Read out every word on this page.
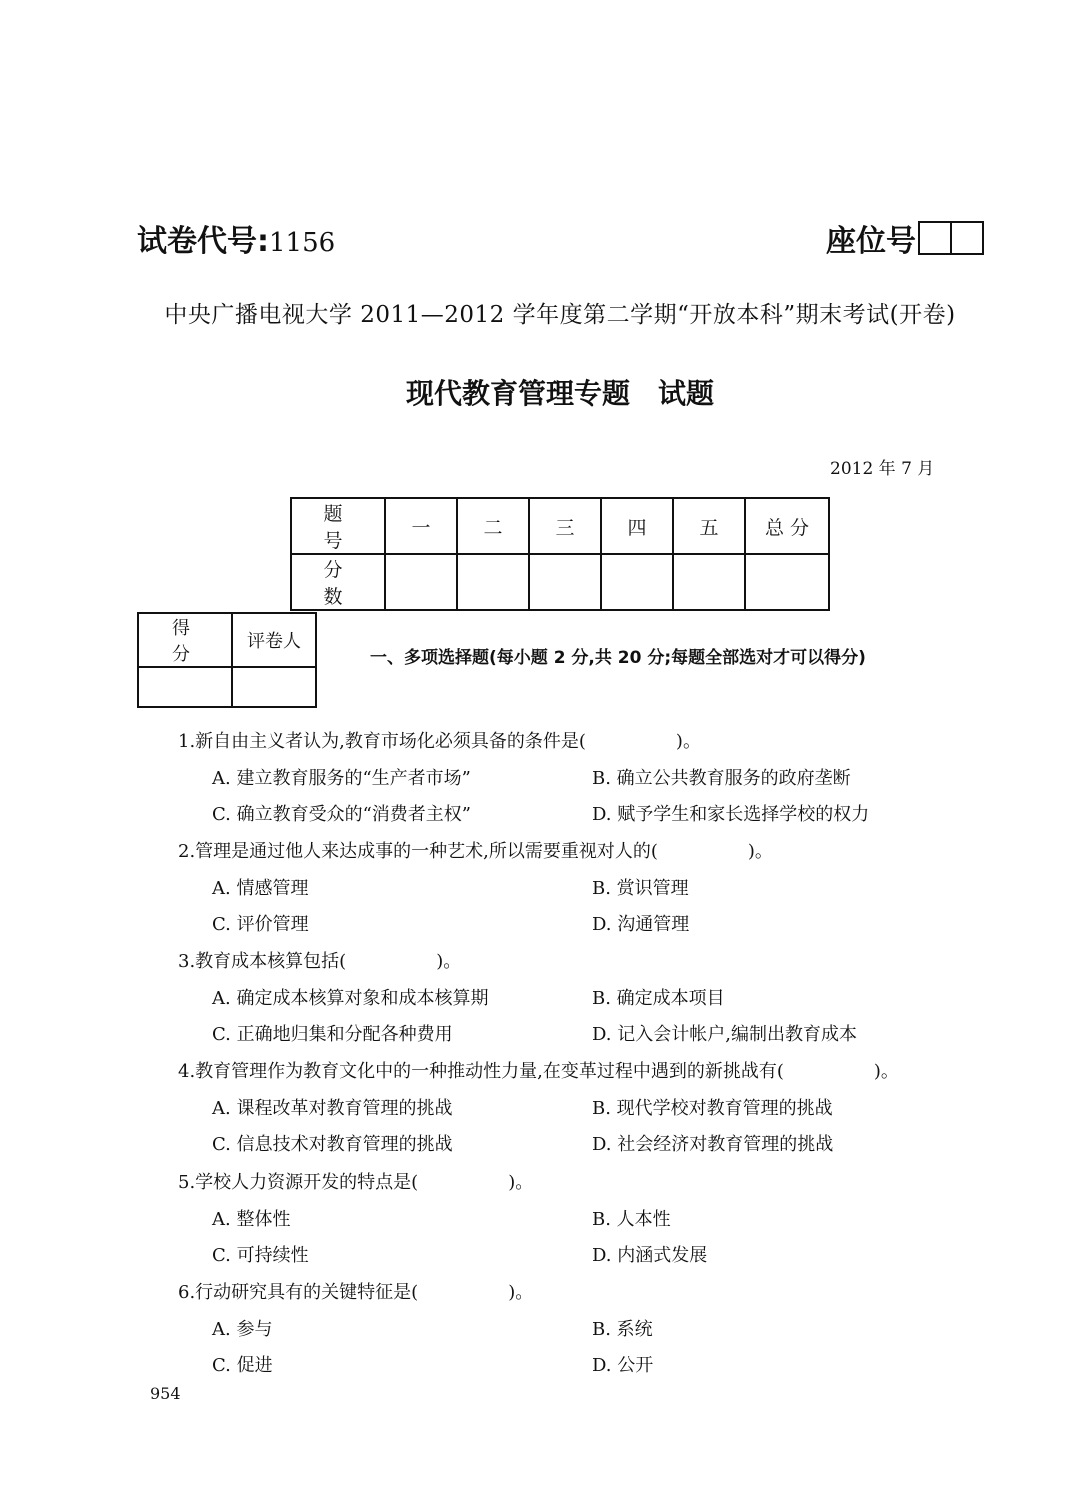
试卷代号:1156	座位号
中央广播电视大学 2011—2012 学年度第二学期“开放本科”期末考试(开卷)
现代教育管理专题　试题
2012 年 7 月
题 号	一	二	三	四	五	总 分
分 数						
得 分	评卷人

一、多项选择题(每小题 2 分,共 20 分;每题全部选对才可以得分)
1.新自由主义者认为,教育市场化必须具备的条件是(　　　　　)。
A. 建立教育服务的“生产者市场”	B. 确立公共教育服务的政府垄断
C. 确立教育受众的“消费者主权”	D. 赋予学生和家长选择学校的权力
2.管理是通过他人来达成事的一种艺术,所以需要重视对人的(　　　　　)。
A. 情感管理	B. 赏识管理
C. 评价管理	D. 沟通管理
3.教育成本核算包括(　　　　　)。
A. 确定成本核算对象和成本核算期	B. 确定成本项目
C. 正确地归集和分配各种费用	D. 记入会计帐户,编制出教育成本
4.教育管理作为教育文化中的一种推动性力量,在变革过程中遇到的新挑战有(　　　　　)。
A. 课程改革对教育管理的挑战	B. 现代学校对教育管理的挑战
C. 信息技术对教育管理的挑战	D. 社会经济对教育管理的挑战
5.学校人力资源开发的特点是(　　　　　)。
A. 整体性	B. 人本性
C. 可持续性	D. 内涵式发展
6.行动研究具有的关键特征是(　　　　　)。
A. 参与	B. 系统
C. 促进	D. 公开
954
